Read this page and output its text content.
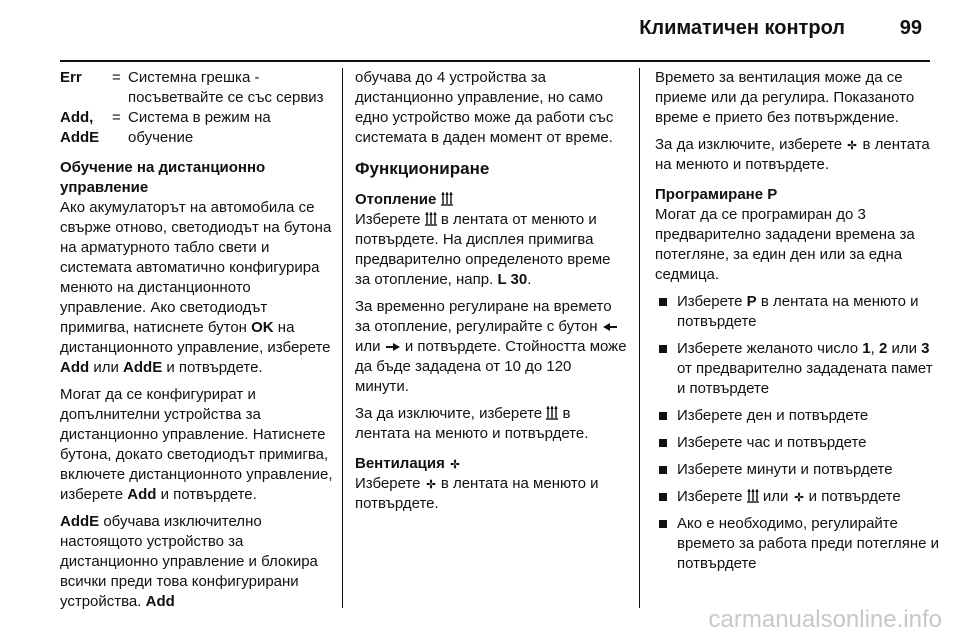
Климатичен контрол	99
Err	= Системна грешка - посъветвайте се със сервиз
Add, AddE
= Система в режим на обучение
Обучение на дистанционно управление

Ако акумулаторът на автомобила се свърже отново, светодиодът на бутона на арматурното табло свети и системата автоматично конфигурира менюто на дистанционното управление. Ако светодиодът примигва, натиснете бутон OK на дистанционното управление, изберете Add или AddE и потвърдете.

Могат да се конфигурират и допълнителни устройства за дистанционно управление. Натиснете бутона, докато светодиодът примигва, включете дистанционното управление, изберете Add и потвърдете.

AddE обучава изключително настоящото устройство за дистанционно управление и блокира всички преди това конфигурирани устройства. Add

обучава до 4 устройства за дистанционно управление, но само едно устройство може да работи със системата в даден момент от време.

Функциониране
Отопление

Изберете  в лентата от менюто и потвърдете. На дисплея примигва предварително определеното време за отопление, напр. L 30.

За временно регулиране на времето за отопление, регулирайте с бутон  или  и потвърдете. Стойността може да бъде зададена от 10 до 120 минути.

За да изключите, изберете  в лентата на менюто и потвърдете.

Вентилация

Изберете  в лентата на менюто и потвърдете.

Времето за вентилация може да се приеме или да регулира. Показаното време е прието без потвърждение.

За да изключите, изберете  в лентата на менюто и потвърдете.

Програмиране P

Могат да се програмиран до 3 предварително зададени времена за потегляне, за един ден или за една седмица.

Изберете P в лентата на менюто и потвърдете
Изберете желаното число 1, 2 или 3 от предварително зададената памет и потвърдете
Изберете ден и потвърдете
Изберете час и потвърдете
Изберете минути и потвърдете
Изберете  или  и потвърдете
Ако е необходимо, регулирайте времето за работа преди потегляне и потвърдете
carmanualsonline.info
